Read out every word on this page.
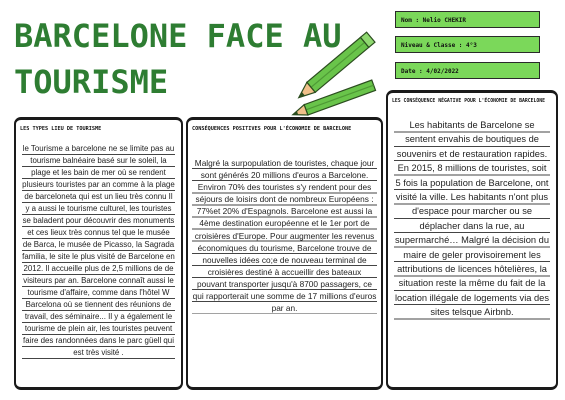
BARCELONE FACE AU
TOURISME
Nom : Nelio CHEKIR
Niveau & Classe : 4°3
Date : 4/02/2022
LES TYPES LIEU DE TOURISME
le Tourisme a barcelone ne se limite pas au tourisme balnéaire basé sur le soleil, la plage et les bain de mer où se rendent plusieurs touristes par an comme à la plage de barceloneta qui est un lieu très connu Il y a aussi le tourisme culturel, les touristes se baladent pour découvrir des monuments et ces lieux très connus tel que le musée de Barca, le musée de Picasso, la Sagrada familia, le site le plus visité de Barcelone en 2012. Il accueille plus de 2,5 millions de de visiteurs par an. Barcelone connaît aussi le tourisme d'affaire, comme dans l'hôtel W Barcelona où se tiennent des réunions de travail, des séminaire... Il y a également le tourisme de plein air, les touristes peuvent faire des randonnées dans le parc güell qui est très visité .
CONSÉQUENCES POSITIVES POUR L'ÉCONOMIE DE BARCELONE
Malgré la surpopulation de touristes, chaque jour sont générés 20 millions d'euros a Barcelone. Environ 70% des touristes s'y rendent pour des séjours de loisirs dont de nombreux Européens : 77%et 20% d'Espagnols. Barcelone est aussi la 4ème destination européenne et le 1er port de croisières d'Europe. Pour augmenter les revenus économiques du tourisme, Barcelone trouve de nouvelles idées co;e de nouveau terminal de croisières destiné à accueillir des bateaux pouvant transporter jusqu'à 8700 passagers, ce qui rapporterait une somme de 17 millions d'euros par an.
LES CONSÉQUENCE NÉGATIVE POUR L'ÉCONOMIE DE BARCELONE
Les habitants de Barcelone se sentent envahis de boutiques de souvenirs et de restauration rapides. En 2015, 8 millions de touristes, soit 5 fois la population de Barcelone, ont visité la ville. Les habitants n'ont plus d'espace pour marcher ou se déplacher dans la rue, au supermarché… Malgré la décision du maire de geler provisoirement les attributions de licences hôtelières, la situation reste la même du fait de la location illégale de logements via des sites telsque Airbnb.
